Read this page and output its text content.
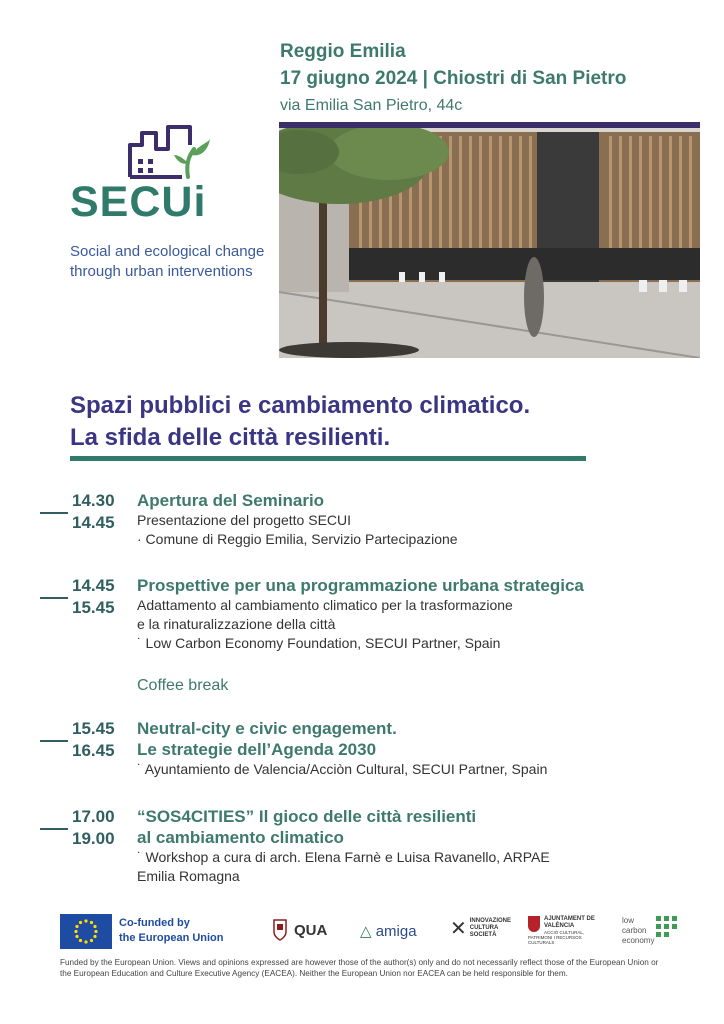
Reggio Emilia
17 giugno 2024 | Chiostri di San Pietro
via Emilia San Pietro, 44c
SECUi
Social and ecological change through urban interventions
Spazi pubblici e cambiamento climatico.
La sfida delle città resilienti.
14.30
14.45
Apertura del Seminario
Presentazione del progetto SECUI
· Comune di Reggio Emilia, Servizio Partecipazione
14.45
15.45
Prospettive per una programmazione urbana strategica
Adattamento al cambiamento climatico per la trasformazione
e la rinaturalizzazione della città
˙ Low Carbon Economy Foundation, SECUI Partner, Spain
Coffee break
15.45
16.45
Neutral-city e civic engagement.
Le strategie dell’Agenda 2030
˙ Ayuntamiento de Valencia/Acciòn Cultural, SECUI Partner, Spain
17.00
19.00
“SOS4CITIES” Il gioco delle città resilienti
al cambiamento climatico
˙ Workshop a cura di arch. Elena Farnè e Luisa Ravanello, ARPAE
Emilia Romagna
Co-funded by
the European Union	QUA △ amiga ✕ INNOVAZIONE CULTURA SOCIETÀ
AJUNTAMENT DE VALÈNCIA
ACCIÓ CULTURAL, PATRIMONI I RECURSOS CULTURALS
low carbon economy
Funded by the European Union. Views and opinions expressed are however those of the author(s) only and do not necessarily reflect those of the European Union or the European Education and Culture Executive Agency (EACEA). Neither the European Union nor EACEA can be held responsible for them.
